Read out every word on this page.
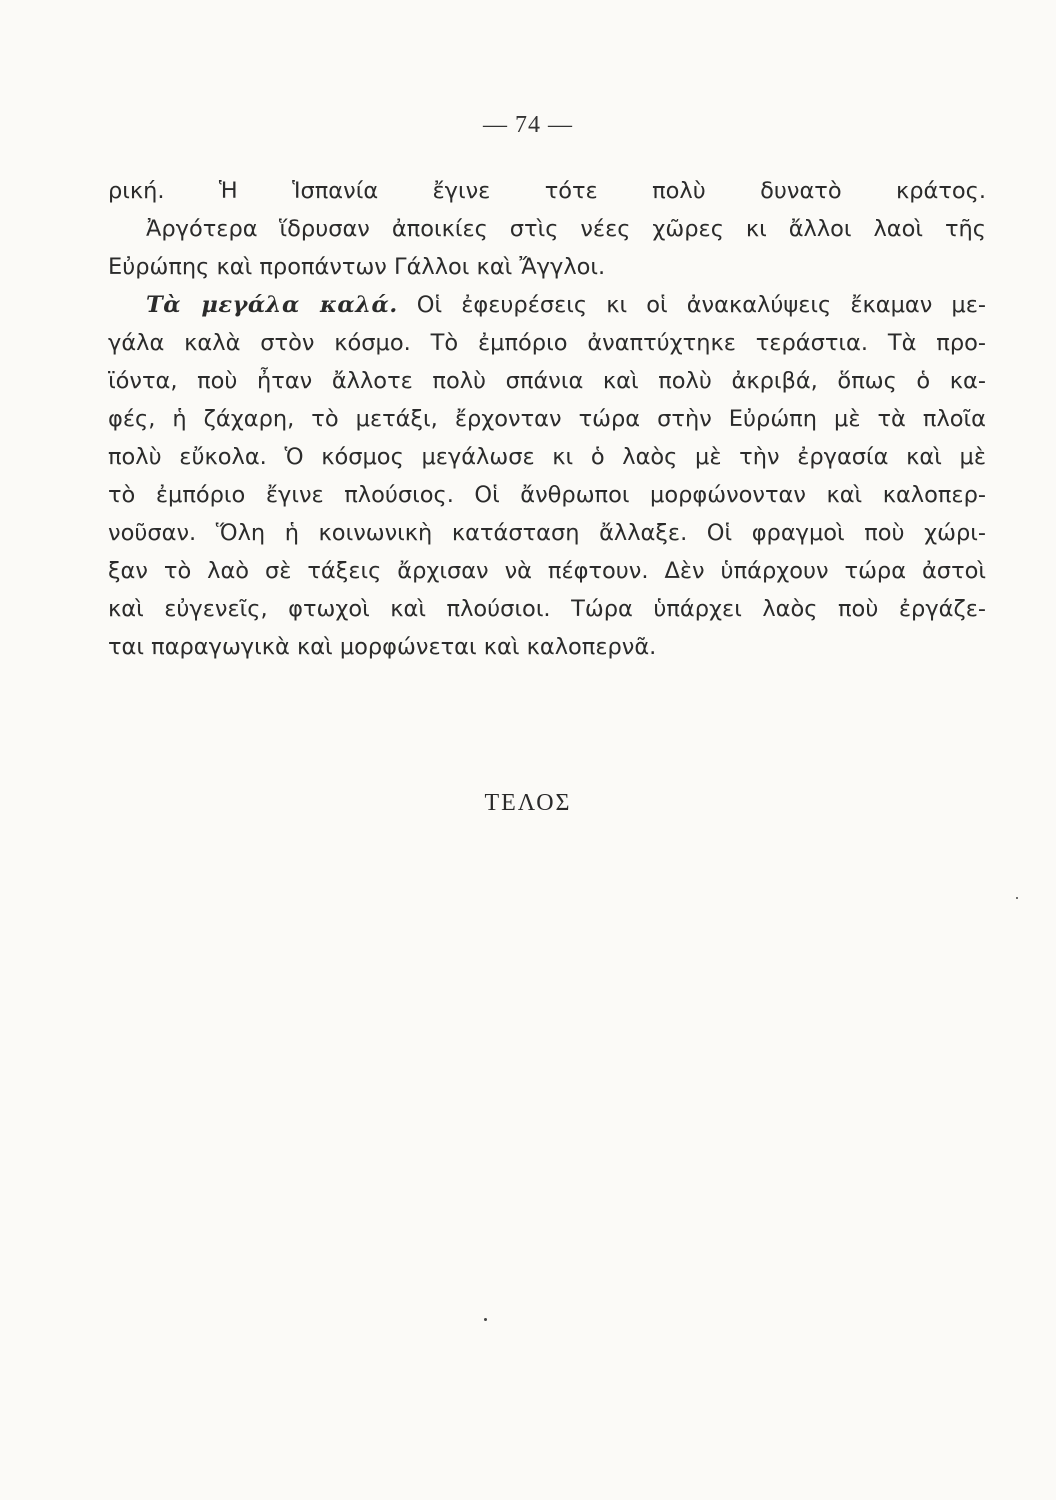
— 74 —
ρική. Ἡ Ἱσπανία ἔγινε τότε πολὺ δυνατὸ κράτος.
Ἀργότερα ἵδρυσαν ἀποικίες στὶς νέες χῶρες κι ἄλλοι λαοὶ τῆς
Εὐρώπης καὶ προπάντων Γάλλοι καὶ Ἄγγλοι.
Τὰ μεγάλα καλά. Οἱ ἐφευρέσεις κι οἱ ἀνακαλύψεις ἔκαμαν με-
γάλα καλὰ στὸν κόσμο. Τὸ ἐμπόριο ἀναπτύχτηκε τεράστια. Τὰ προ-
ϊόντα, ποὺ ἦταν ἄλλοτε πολὺ σπάνια καὶ πολὺ ἀκριβά, ὅπως ὁ κα-
φές, ἡ ζάχαρη, τὸ μετάξι, ἔρχονταν τώρα στὴν Εὐρώπη μὲ τὰ πλοῖα
πολὺ εὔκολα. Ὁ κόσμος μεγάλωσε κι ὁ λαὸς μὲ τὴν ἐργασία καὶ μὲ
τὸ ἐμπόριο ἔγινε πλούσιος. Οἱ ἄνθρωποι μορφώνονταν καὶ καλοπερ-
νοῦσαν. Ὅλη ἡ κοινωνικὴ κατάσταση ἄλλαξε. Οἱ φραγμοὶ ποὺ χώρι-
ξαν τὸ λαὸ σὲ τάξεις ἄρχισαν νὰ πέφτουν. Δὲν ὑπάρχουν τώρα ἀστοὶ
καὶ εὐγενεῖς, φτωχοὶ καὶ πλούσιοι. Τώρα ὑπάρχει λαὸς ποὺ ἐργάζε-
ται παραγωγικὰ καὶ μορφώνεται καὶ καλοπερνᾶ.
ΤΕΛΟΣ
